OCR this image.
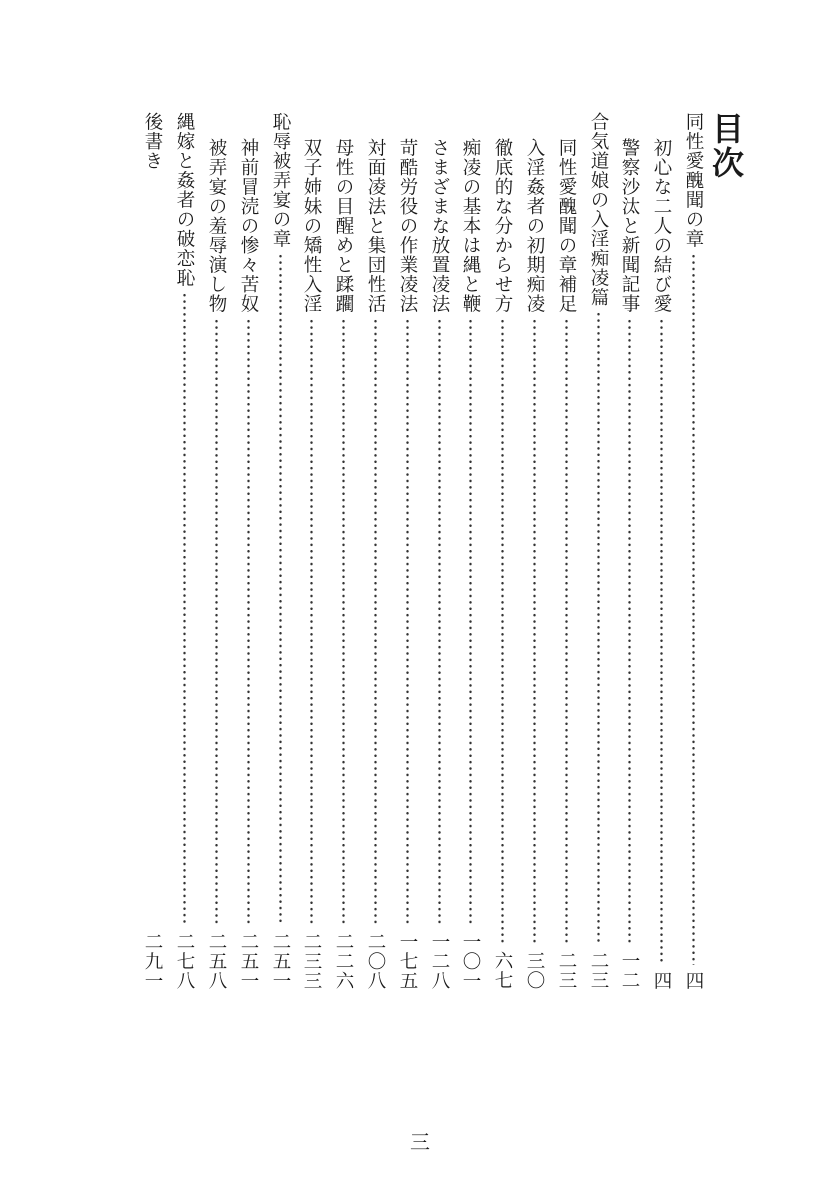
目次
同性愛醜聞の章
四
初心な二人の結び愛
四
警察沙汰と新聞記事
一二
合気道娘の入淫痴凌篇
二三
同性愛醜聞の章補足
二三
入淫姦者の初期痴凌
三〇
徹底的な分からせ方
六七
痴凌の基本は縄と鞭
一〇一
さまざまな放置凌法
一二八
苛酷労役の作業凌法
一七五
対面凌法と集団性活
二〇八
母性の目醒めと蹂躙
二二六
双子姉妹の矯性入淫
二三三
恥辱被弄宴の章
二五一
神前冒涜の惨々苦奴
二五一
被弄宴の羞辱演し物
二五八
縄嫁と姦者の破恋恥
二七八
後書き
二九一

三
